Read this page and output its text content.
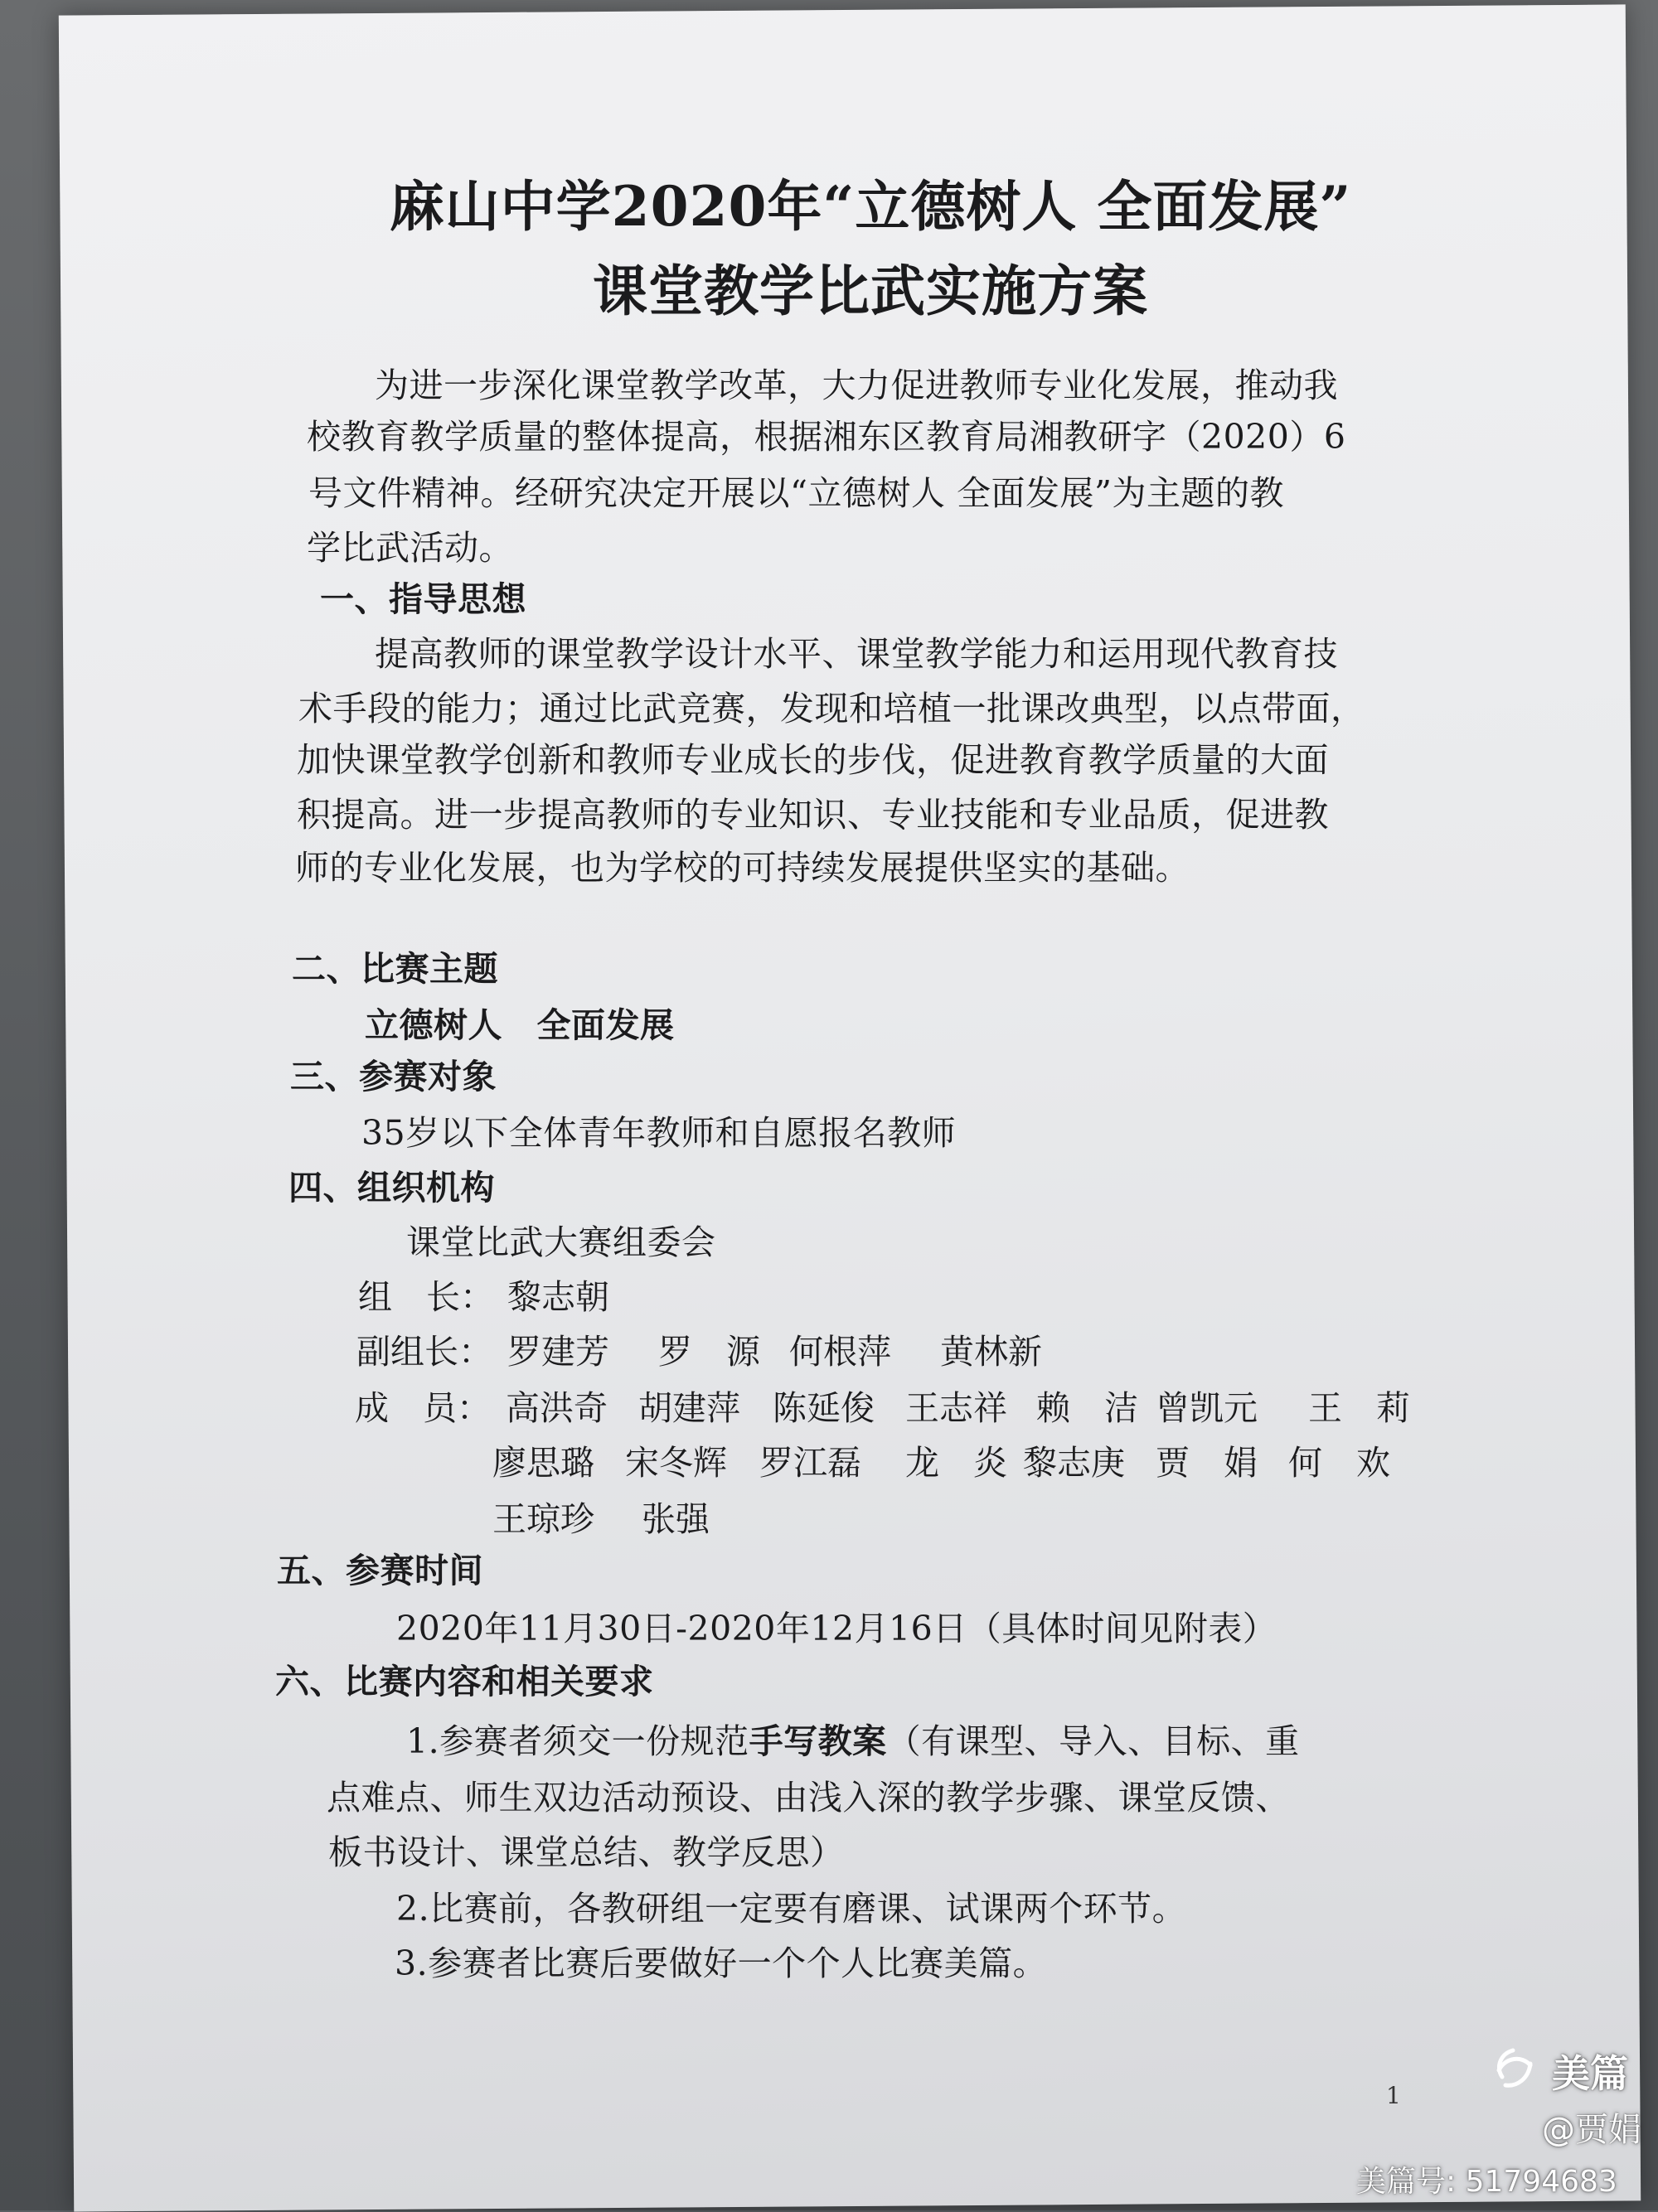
麻山中学2020年“立德树人 全面发展”
课堂教学比武实施方案

为进一步深化课堂教学改革，大力促进教师专业化发展，推动我

校教育教学质量的整体提高，根据湘东区教育局湘教研字（2020）6

号文件精神。经研究决定开展以“立德树人 全面发展”为主题的教

学比武活动。

一、指导思想

提高教师的课堂教学设计水平、课堂教学能力和运用现代教育技

术手段的能力；通过比武竞赛，发现和培植一批课改典型，以点带面，

加快课堂教学创新和教师专业成长的步伐，促进教育教学质量的大面

积提高。进一步提高教师的专业知识、专业技能和专业品质，促进教

师的专业化发展，也为学校的可持续发展提供坚实的基础。

二、比赛主题

立德树人　全面发展

三、参赛对象

35岁以下全体青年教师和自愿报名教师

四、组织机构

课堂比武大赛组委会

组　长： 黎志朝
副组长： 罗建芳 罗　源 何根萍 黄林新
成　员： 高洪奇 胡建萍 陈延俊 王志祥 赖　洁 曾凯元 王　莉
廖思璐 宋冬辉 罗江磊 龙　炎 黎志庚 贾　娟 何　欢
王琼珍 张强

五、参赛时间

2020年11月30日-2020年12月16日（具体时间见附表）

六、比赛内容和相关要求

1.参赛者须交一份规范手写教案（有课型、导入、目标、重

点难点、师生双边活动预设、由浅入深的教学步骤、课堂反馈、

板书设计、课堂总结、教学反思）

2.比赛前，各教研组一定要有磨课、试课两个环节。

3.参赛者比赛后要做好一个个人比赛美篇。

1	美篇
@贾娟
美篇号: 51794683
